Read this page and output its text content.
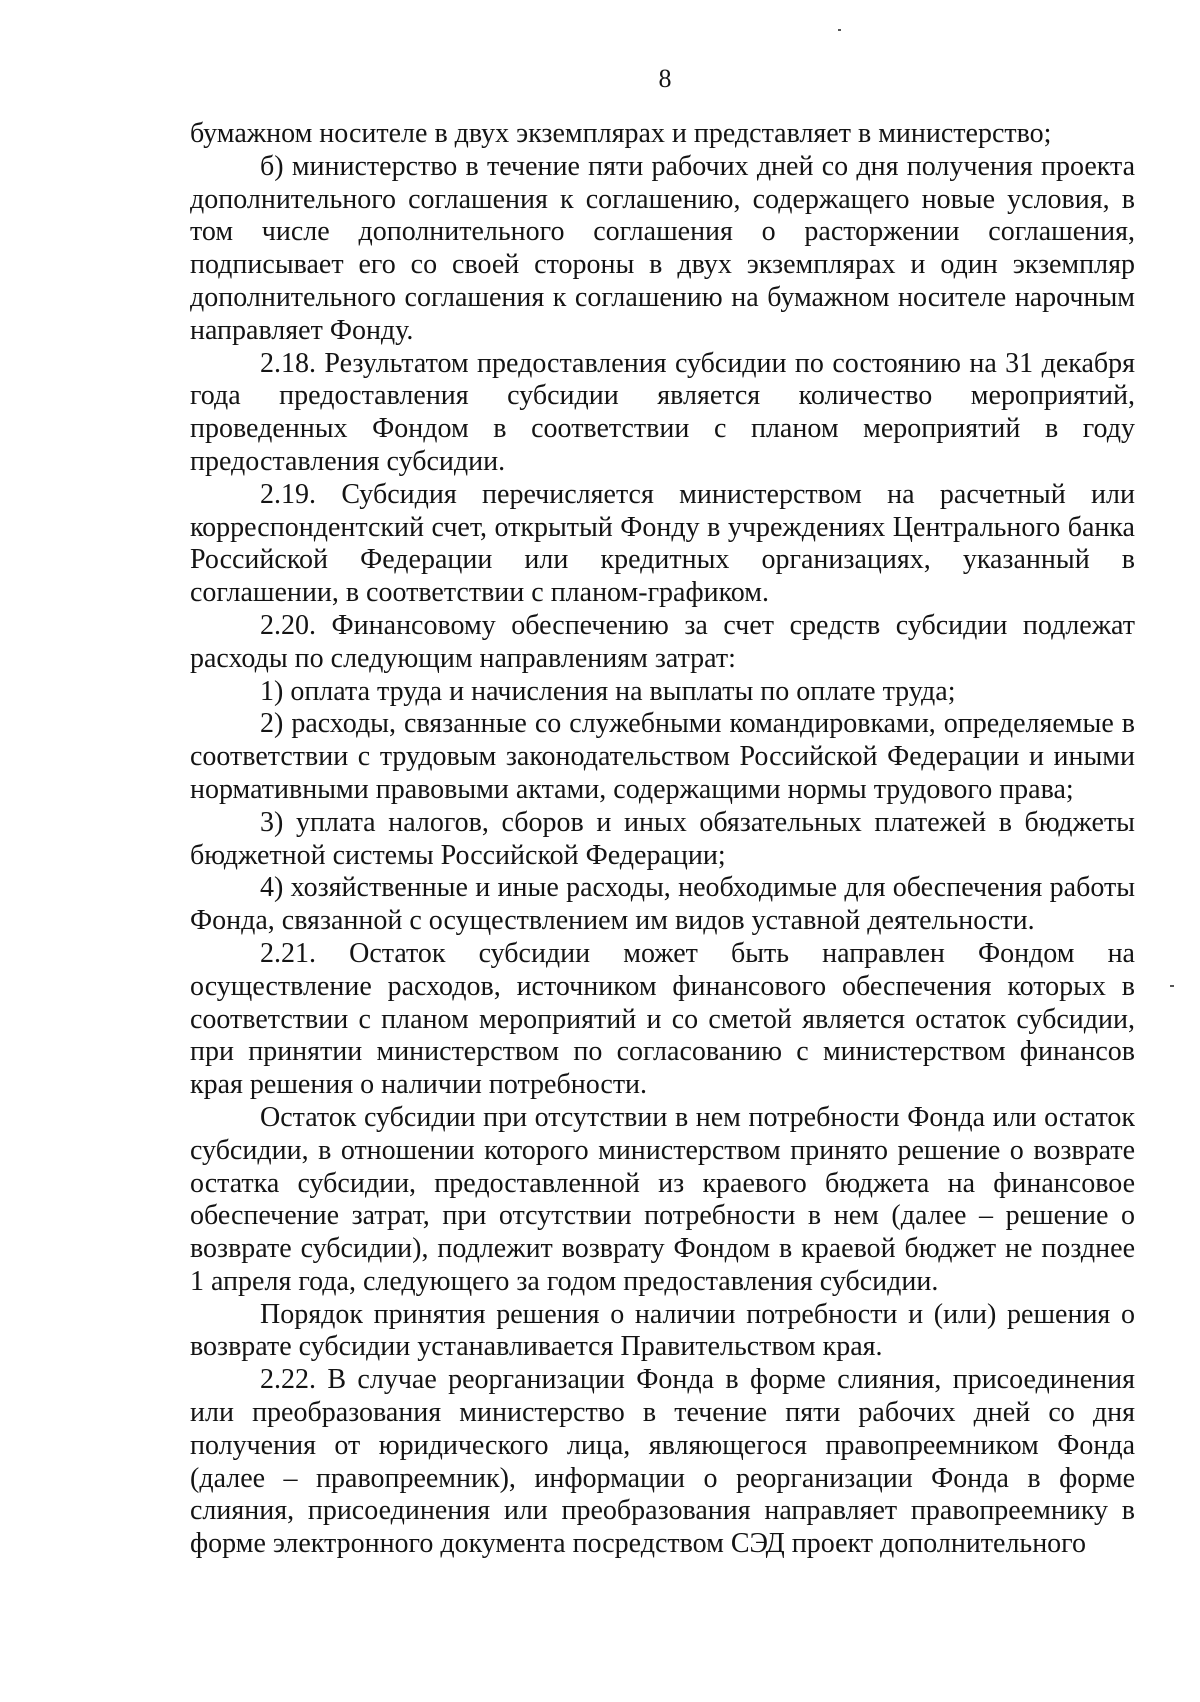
8

бумажном носителе в двух экземплярах и представляет в министерство;

б) министерство в течение пяти рабочих дней со дня получения проекта дополнительного соглашения к соглашению, содержащего новые условия, в том числе дополнительного соглашения о расторжении соглашения, подписывает его со своей стороны в двух экземплярах и один экземпляр дополнительного соглашения к соглашению на бумажном носителе нарочным направляет Фонду.

2.18. Результатом предоставления субсидии по состоянию на 31 декабря года предоставления субсидии является количество мероприятий, проведенных Фондом в соответствии с планом мероприятий в году предоставления субсидии.

2.19. Субсидия перечисляется министерством на расчетный или корреспондентский счет, открытый Фонду в учреждениях Центрального банка Российской Федерации или кредитных организациях, указанный в соглашении, в соответствии с планом-графиком.

2.20. Финансовому обеспечению за счет средств субсидии подлежат расходы по следующим направлениям затрат:

1) оплата труда и начисления на выплаты по оплате труда;

2) расходы, связанные со служебными командировками, определяемые в соответствии с трудовым законодательством Российской Федерации и иными нормативными правовыми актами, содержащими нормы трудового права;

3) уплата налогов, сборов и иных обязательных платежей в бюджеты бюджетной системы Российской Федерации;

4) хозяйственные и иные расходы, необходимые для обеспечения работы Фонда, связанной с осуществлением им видов уставной деятельности.

2.21. Остаток субсидии может быть направлен Фондом на осуществление расходов, источником финансового обеспечения которых в соответствии с планом мероприятий и со сметой является остаток субсидии, при принятии министерством по согласованию с министерством финансов края решения о наличии потребности.

Остаток субсидии при отсутствии в нем потребности Фонда или остаток субсидии, в отношении которого министерством принято решение о возврате остатка субсидии, предоставленной из краевого бюджета на финансовое обеспечение затрат, при отсутствии потребности в нем (далее – решение о возврате субсидии), подлежит возврату Фондом в краевой бюджет не позднее 1 апреля года, следующего за годом предоставления субсидии.

Порядок принятия решения о наличии потребности и (или) решения о возврате субсидии устанавливается Правительством края.

2.22. В случае реорганизации Фонда в форме слияния, присоединения или преобразования министерство в течение пяти рабочих дней со дня получения от юридического лица, являющегося правопреемником Фонда (далее – правопреемник), информации о реорганизации Фонда в форме слияния, присоединения или преобразования направляет правопреемнику в форме электронного документа посредством СЭД проект дополнительного
